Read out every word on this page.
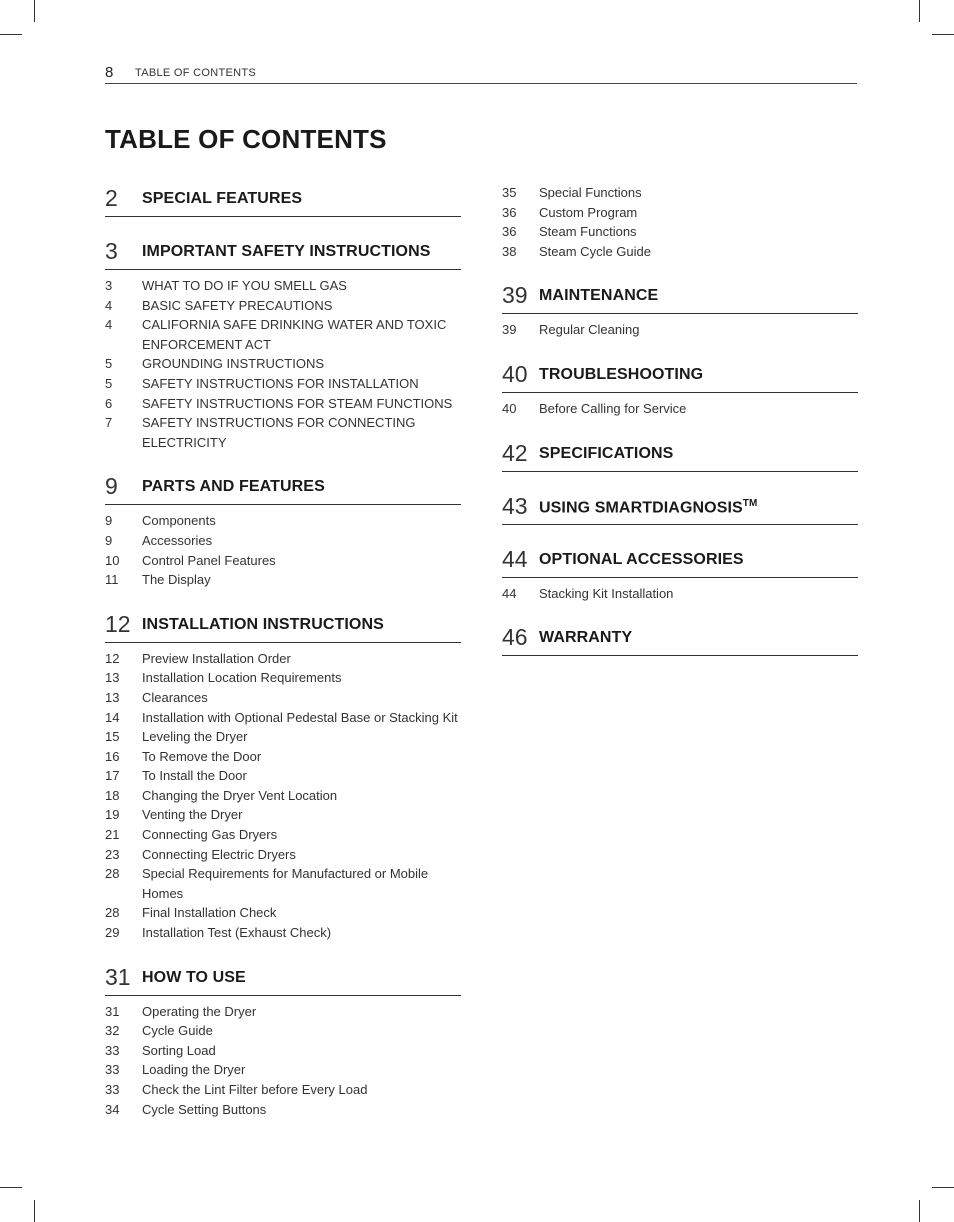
8 TABLE OF CONTENTS
TABLE OF CONTENTS
2 SPECIAL FEATURES
3 IMPORTANT SAFETY INSTRUCTIONS
3	WHAT TO DO IF YOU SMELL GAS
4	BASIC SAFETY PRECAUTIONS
4	CALIFORNIA SAFE DRINKING WATER AND TOXIC ENFORCEMENT ACT
5	GROUNDING INSTRUCTIONS
5	SAFETY INSTRUCTIONS FOR INSTALLATION
6	SAFETY INSTRUCTIONS FOR STEAM FUNCTIONS
7	SAFETY INSTRUCTIONS FOR CONNECTING ELECTRICITY
9 PARTS AND FEATURES
9	Components
9	Accessories
10	Control Panel Features
11	The Display
12 INSTALLATION INSTRUCTIONS
12	Preview Installation Order
13	Installation Location Requirements
13	Clearances
14	Installation with Optional Pedestal Base or Stacking Kit
15	Leveling the Dryer
16	To Remove the Door
17	To Install the Door
18	Changing the Dryer Vent Location
19	Venting the Dryer
21	Connecting Gas Dryers
23	Connecting Electric Dryers
28	Special Requirements for Manufactured or Mobile Homes
28	Final Installation Check
29	Installation Test (Exhaust Check)
31 HOW TO USE
31	Operating the Dryer
32	Cycle Guide
33	Sorting Load
33	Loading the Dryer
33	Check the Lint Filter before Every Load
34	Cycle Setting Buttons
35	Special Functions
36	Custom Program
36	Steam Functions
38	Steam Cycle Guide
39 MAINTENANCE
39	Regular Cleaning
40 TROUBLESHOOTING
40	Before Calling for Service
42 SPECIFICATIONS
43 USING SMARTDIAGNOSIS™
44 OPTIONAL ACCESSORIES
44	Stacking Kit Installation
46 WARRANTY
